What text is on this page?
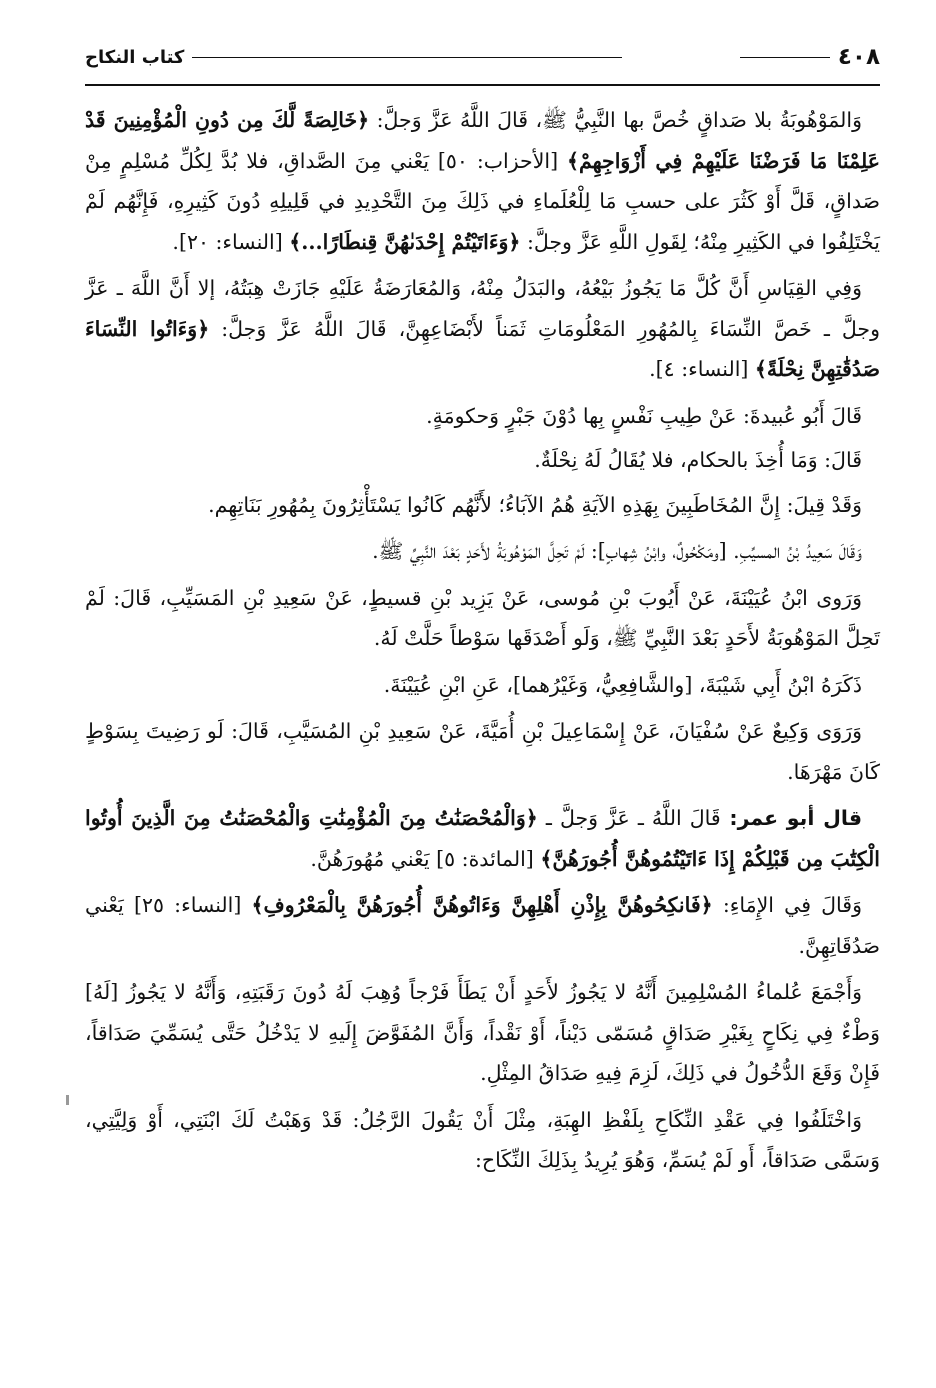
٤٠٨
كتاب النكاح

وَالمَوْهُوبَةُ بلا صَداقٍ خُصَّ بها النَّبِيُّ ﷺ، قَالَ اللَّهُ عَزَّ وَجلَّ: ﴿خَالِصَةً لَّكَ مِن دُونِ الْمُؤْمِنِينَ قَدْ عَلِمْنَا مَا فَرَضْنَا عَلَيْهِمْ فِي أَزْوَاجِهِمْ﴾ [الأحزاب: ٥٠] يَعْني مِنَ الصَّداقِ، فلا بُدَّ لِكُلِّ مُسْلِمٍ مِنْ صَداقٍ، قَلَّ أَوْ كَثُرَ على حسبِ مَا لِلْعُلَماءِ في ذَلِكَ مِنَ التَّحْدِيدِ في قَلِيلِهِ دُونَ كَثِيرِهِ، فَإِنَّهُم لَمْ يَخْتَلِفُوا في الكَثِيرِ مِنْهُ؛ لِقَولِ اللَّهِ عَزَّ وجلَّ: ﴿وَءَاتَيْتُمْ إِحْدَىٰهُنَّ قِنطَارًا...﴾ [النساء: ٢٠].

وَفِي القِيَاسِ أَنَّ كُلَّ مَا يَجُوزُ بَيْعُهُ، والبَدَلُ مِنْهُ، وَالمُعَارَضَةُ عَلَيْهِ جَازَتْ هِبَتُهُ، إلا أَنَّ اللَّهَ ـ عَزَّ وجلَّ ـ خَصَّ النِّسَاءَ بِالمُهُورِ المَعْلُومَاتِ ثَمَناً لأَبْضَاعِهِنَّ، قَالَ اللَّهُ عَزَّ وَجلَّ: ﴿وَءَاتُوا النِّسَاءَ صَدُقَٰتِهِنَّ نِحْلَةً﴾ [النساء: ٤].

قَالَ أَبُو عُبيدةَ: عَنْ طِيبِ نَفْسٍ بِها دُوْنَ جَبْرٍ وَحكومَةٍ.

قَالَ: وَمَا أُخِذَ بالحكام، فلا يُقَالُ لَهُ نِحْلَةٌ.

وَقَدْ قِيلَ: إِنَّ المُخَاطَبِينَ بِهَذِهِ الآيَةِ هُمُ الآبَاءُ؛ لأَنَّهُم كَانُوا يَسْتَأْثِرُونَ بِمُهُورِ بَنَاتِهِم.

وَقَالَ سَعِيدُ بْنُ المسيِّبِ. [ومَكْحُولٌ، وابْنُ شِهابٍ]: لَمْ تَحِلَّ المَوْهُوبَةُ لأَحَدٍ بَعْدَ النَّبِيِّ ﷺ.

وَرَوى ابْنُ عُيَيْنَةَ، عَنْ أَيُوبَ بْنِ مُوسى، عَنْ يَزِيد بْنِ قسيطٍ، عَنْ سَعِيدِ بْنِ المَسَيِّبِ، قَالَ: لَمْ تَحِلَّ المَوْهُوبَةُ لأَحَدٍ بَعْدَ النَّبِيِّ ﷺ، وَلَو أَصْدَقَها سَوْطاً حَلَّتْ لَهُ.

ذَكَرَهُ ابْنُ أَبِي شَيْبَةَ، [والشَّافِعِيُّ، وَغَيْرُهما]، عَنِ ابْنِ عُيَيْنَةَ.

وَرَوَى وَكِيعٌ عَنْ سُفْيَانَ، عَنْ إِسْمَاعِيلَ بْنِ أُمَيَّةَ، عَنْ سَعِيدِ بْنِ المُسَيَّبِ، قَالَ: لَو رَضِيتَ بِسَوْطٍ كَانَ مَهْرَهَا.

قال أبو عمر: قَالَ اللَّهُ ـ عَزَّ وَجلَّ ـ ﴿وَالْمُحْصَنَٰتُ مِنَ الْمُؤْمِنَٰتِ وَالْمُحْصَنَٰتُ مِنَ الَّذِينَ أُوتُوا الْكِتَٰبَ مِن قَبْلِكُمْ إِذَا ءَاتَيْتُمُوهُنَّ أُجُورَهُنَّ﴾ [المائدة: ٥] يَعْني مُهُورَهُنَّ.

وَقَالَ فِي الإِمَاءِ: ﴿فَانكِحُوهُنَّ بِإِذْنِ أَهْلِهِنَّ وَءَاتُوهُنَّ أُجُورَهُنَّ بِالْمَعْرُوفِ﴾ [النساء: ٢٥] يَعْني صَدُقَاتِهِنَّ.

وَأَجْمَعَ عُلماءُ المُسْلِمِينَ أَنَّهُ لا يَجُوزُ لأَحَدٍ أَنْ يَطَأَ فَرْجاً وُهِبَ لَهُ دُونَ رَقَبَتِهِ، وَأَنَّهُ لا يَجُوزُ [لَهُ] وَطْءٌ فِي نِكَاحٍ بِغَيْرِ صَدَاقٍ مُسَمّى دَيْناً، أَوْ نَقْداً، وَأَنَّ المُفَوَّضَ إِلَيهِ لا يَدْخُلُ حَتَّى يُسَمِّيَ صَدَاقاً، فَإِنْ وَقَعَ الدُّخُولُ في ذَلِكَ، لَزِمَ فِيهِ صَدَاقُ المِثْلِ.

وَاخْتَلَفُوا فِي عَقْدِ النِّكَاحِ بِلَفْظِ الهِبَةِ، مِثْلَ أَنْ يَقُولَ الرَّجُلُ: قَدْ وَهَبْتُ لَكَ ابْنَتِي، أَوْ وَلِيَّتِي، وَسَمَّى صَدَاقاً، أَو لَمْ يُسَمِّ، وَهُوَ يُرِيدُ بِذَلِكَ النِّكَاح:
